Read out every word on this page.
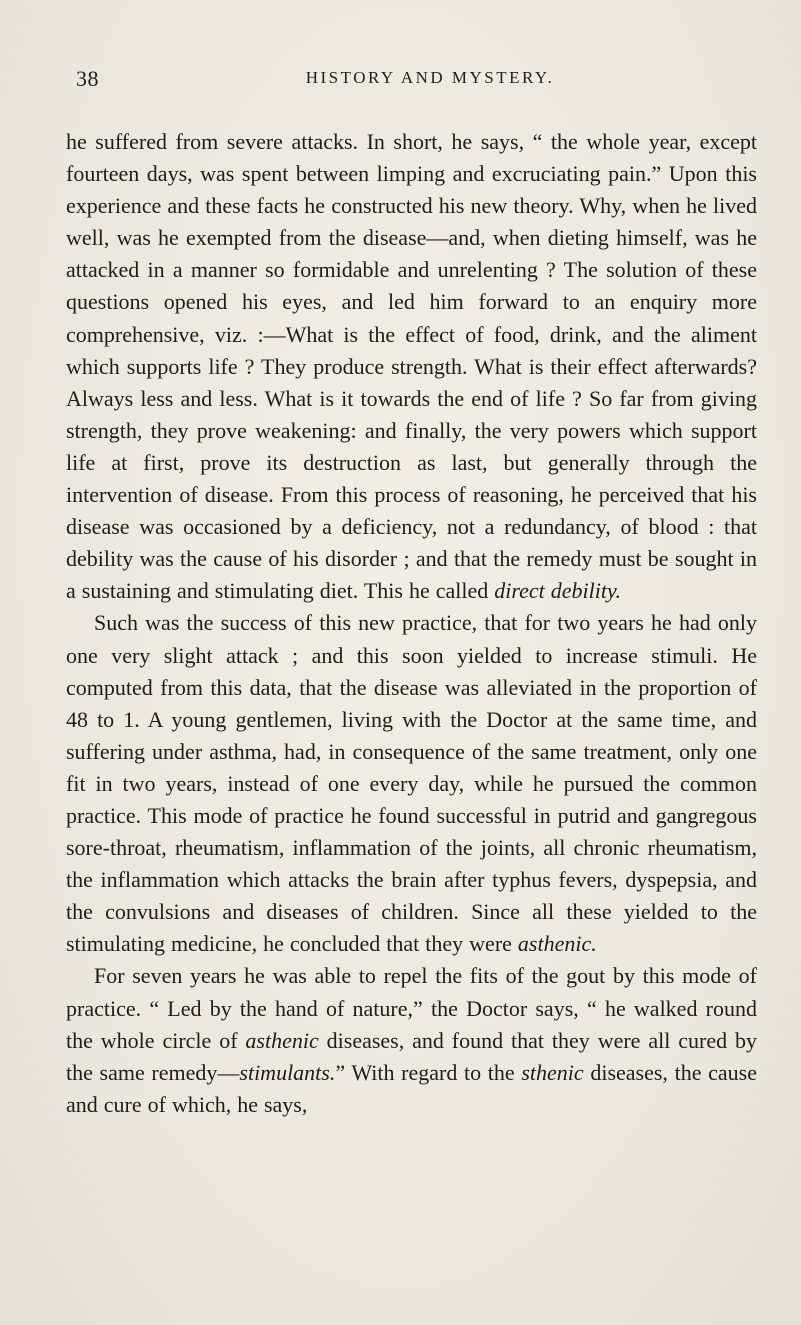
38	HISTORY AND MYSTERY.

he suffered from severe attacks. In short, he says, “ the whole year, except fourteen days, was spent between limping and excruciating pain.” Upon this experience and these facts he constructed his new theory. Why, when he lived well, was he exempted from the disease—and, when dieting himself, was he attacked in a manner so formidable and unrelenting ? The solution of these questions opened his eyes, and led him forward to an enquiry more comprehensive, viz. :—What is the effect of food, drink, and the aliment which supports life ? They produce strength. What is their effect afterwards? Always less and less. What is it towards the end of life ? So far from giving strength, they prove weakening: and finally, the very powers which support life at first, prove its destruction as last, but generally through the intervention of disease. From this process of reasoning, he perceived that his disease was occasioned by a deficiency, not a redundancy, of blood : that debility was the cause of his disorder ; and that the remedy must be sought in a sustaining and stimulating diet. This he called direct debility.

Such was the success of this new practice, that for two years he had only one very slight attack ; and this soon yielded to increase stimuli. He computed from this data, that the disease was alleviated in the proportion of 48 to 1. A young gentlemen, living with the Doctor at the same time, and suffering under asthma, had, in consequence of the same treatment, only one fit in two years, instead of one every day, while he pursued the common practice. This mode of practice he found successful in putrid and gangregous sore-throat, rheumatism, inflammation of the joints, all chronic rheumatism, the inflammation which attacks the brain after typhus fevers, dyspepsia, and the convulsions and diseases of children. Since all these yielded to the stimulating medicine, he concluded that they were asthenic.

For seven years he was able to repel the fits of the gout by this mode of practice. “ Led by the hand of nature,” the Doctor says, “ he walked round the whole circle of asthenic diseases, and found that they were all cured by the same remedy—stimulants.” With regard to the sthenic diseases, the cause and cure of which, he says,
